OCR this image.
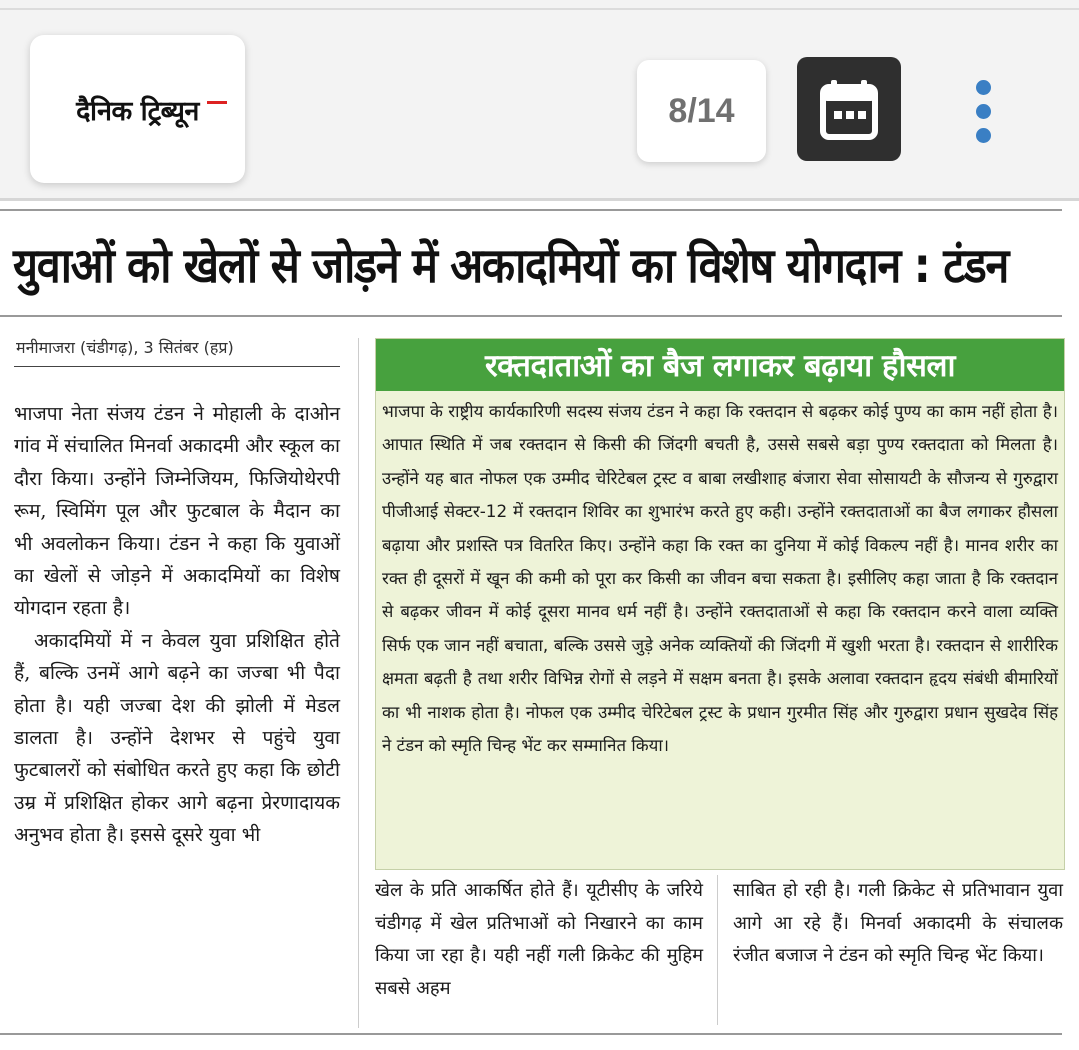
दैनिक ट्रिब्यून	8/14
युवाओं को खेलों से जोड़ने में अकादमियों का विशेष योगदान : टंडन
मनीमाजरा (चंडीगढ़), 3 सितंबर (हप्र)

भाजपा नेता संजय टंडन ने मोहाली के दाओन गांव में संचालित मिनर्वा अकादमी और स्कूल का दौरा किया। उन्होंने जिम्नेजियम, फिजियोथेरपी रूम, स्विमिंग पूल और फुटबाल के मैदान का भी अवलोकन किया। टंडन ने कहा कि युवाओं का खेलों से जोड़ने में अकादमियों का विशेष योगदान रहता है।

अकादमियों में न केवल युवा प्रशिक्षित होते हैं, बल्कि उनमें आगे बढ़ने का जज्बा भी पैदा होता है। यही जज्बा देश की झोली में मेडल डालता है। उन्होंने देशभर से पहुंचे युवा फुटबालरों को संबोधित करते हुए कहा कि छोटी उम्र में प्रशिक्षित होकर आगे बढ़ना प्रेरणादायक अनुभव होता है। इससे दूसरे युवा भी

रक्तदाताओं का बैज लगाकर बढ़ाया हौसला
भाजपा के राष्ट्रीय कार्यकारिणी सदस्य संजय टंडन ने कहा कि रक्तदान से बढ़कर कोई पुण्य का काम नहीं होता है। आपात स्थिति में जब रक्तदान से किसी की जिंदगी बचती है, उससे सबसे बड़ा पुण्य रक्तदाता को मिलता है। उन्होंने यह बात नोफल एक उम्मीद चेरिटेबल ट्रस्ट व बाबा लखीशाह बंजारा सेवा सोसायटी के सौजन्य से गुरुद्वारा पीजीआई सेक्टर-12 में रक्तदान शिविर का शुभारंभ करते हुए कही। उन्होंने रक्तदाताओं का बैज लगाकर हौसला बढ़ाया और प्रशस्ति पत्र वितरित किए। उन्होंने कहा कि रक्त का दुनिया में कोई विकल्प नहीं है। मानव शरीर का रक्त ही दूसरों में खून की कमी को पूरा कर किसी का जीवन बचा सकता है। इसीलिए कहा जाता है कि रक्तदान से बढ़कर जीवन में कोई दूसरा मानव धर्म नहीं है। उन्होंने रक्तदाताओं से कहा कि रक्तदान करने वाला व्यक्ति सिर्फ एक जान नहीं बचाता, बल्कि उससे जुड़े अनेक व्यक्तियों की जिंदगी में खुशी भरता है। रक्तदान से शारीरिक क्षमता बढ़ती है तथा शरीर विभिन्न रोगों से लड़ने में सक्षम बनता है। इसके अलावा रक्तदान हृदय संबंधी बीमारियों का भी नाशक होता है। नोफल एक उम्मीद चेरिटेबल ट्रस्ट के प्रधान गुरमीत सिंह और गुरुद्वारा प्रधान सुखदेव सिंह ने टंडन को स्मृति चिन्ह भेंट कर सम्मानित किया।
खेल के प्रति आकर्षित होते हैं। यूटीसीए के जरिये चंडीगढ़ में खेल प्रतिभाओं को निखारने का काम किया जा रहा है। यही नहीं गली क्रिकेट की मुहिम सबसे अहम
साबित हो रही है। गली क्रिकेट से प्रतिभावान युवा आगे आ रहे हैं। मिनर्वा अकादमी के संचालक रंजीत बजाज ने टंडन को स्मृति चिन्ह भेंट किया।
